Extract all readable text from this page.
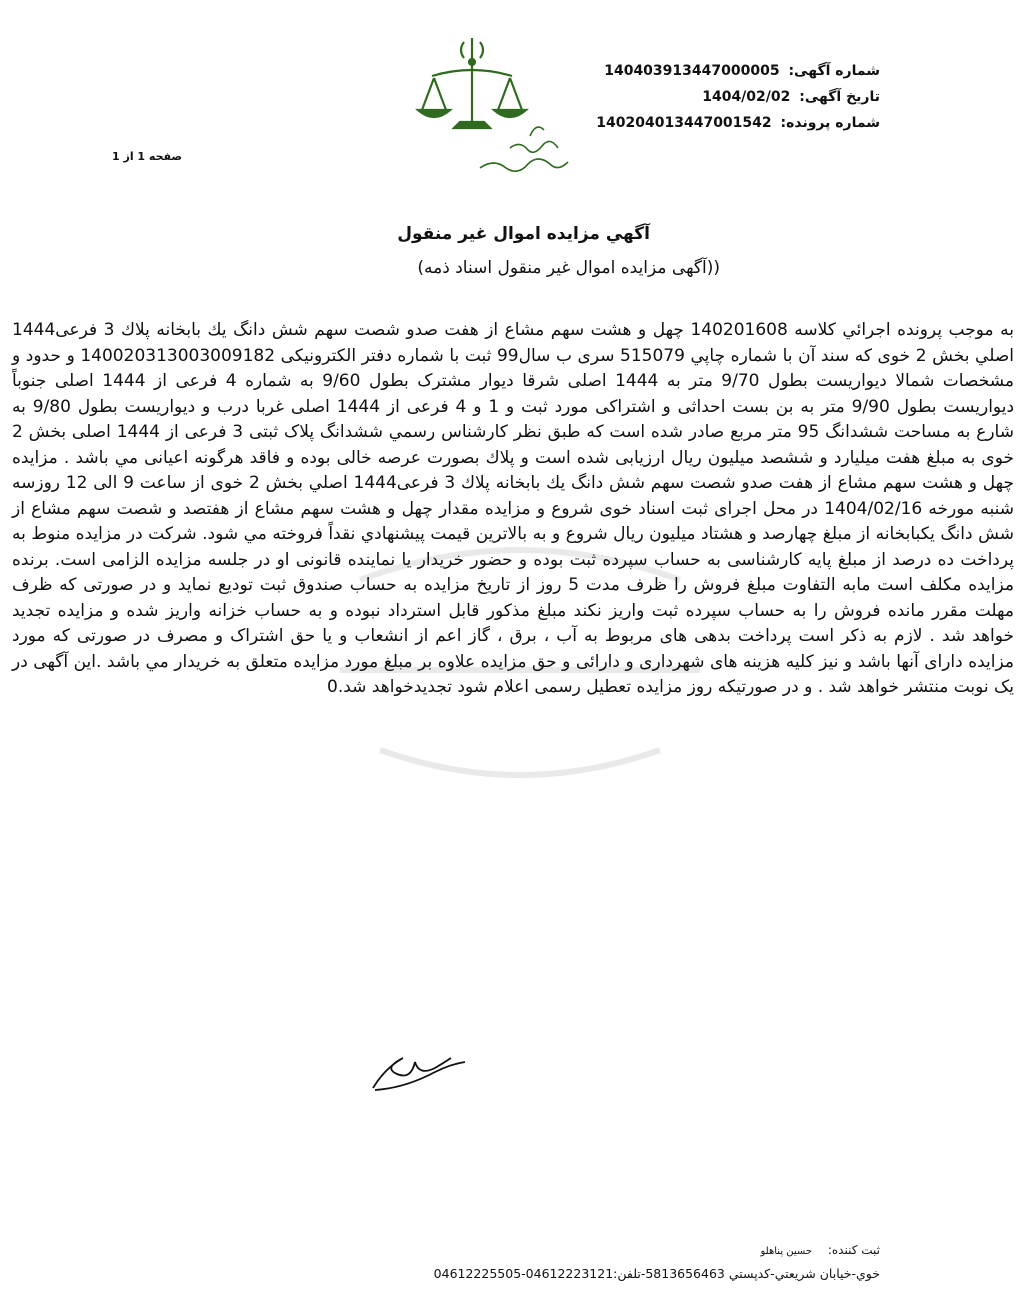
شماره آگهی: 140403913447000005
تاریخ آگهی: 1404/02/02
شماره پرونده: 140204013447001542
صفحه 1 از 1
آگهي مزايده اموال غير منقول
((آگهی مزایده اموال غیر منقول اسناد ذمه)
به موجب پرونده اجرائي كلاسه 140201608 چهل و هشت سهم مشاع از هفت صدو شصت سهم شش دانگ يك بابخانه پلاك 3 فرعی1444 اصلي بخش 2 خوی كه سند آن با شماره چاپي 515079 سری ب سال99 ثبت با شماره دفتر الكترونيكی 140020313003009182 و حدود و مشخصات شمالا ديواريست بطول 9/70 متر به 1444 اصلی شرقا ديوار مشترک بطول 9/60 به شماره 4 فرعی از 1444 اصلی جنوباً ديواريست بطول 9/90 متر به بن بست احداثی و اشتراكی مورد ثبت و 1 و 4 فرعی از 1444 اصلی غربا درب و ديواريست بطول 9/80 به شارع به مساحت ششدانگ 95 متر مربع صادر شده است كه طبق نظر كارشناس رسمي ششدانگ پلاک ثبتی 3 فرعی از 1444 اصلی بخش 2 خوی به مبلغ هفت ميليارد و ششصد ميليون ريال ارزيابی شده است و پلاك بصورت عرصه خالی بوده و فاقد هرگونه اعيانی مي باشد . مزايده چهل و هشت سهم مشاع از هفت صدو شصت سهم شش دانگ يك بابخانه پلاك 3 فرعی1444 اصلي بخش 2 خوی از ساعت 9 الی 12 روزسه شنبه مورخه 1404/02/16 در محل اجرای ثبت اسناد خوی شروع و مزايده مقدار چهل و هشت سهم مشاع از هفتصد و شصت سهم مشاع از شش دانگ يكبابخانه از مبلغ چهارصد و هشتاد ميليون ريال شروع و به بالاترين قيمت پيشنهادي نقداً فروخته مي شود. شركت در مزايده منوط به پرداخت ده درصد از مبلغ پايه كارشناسی به حساب سپرده ثبت بوده و حضور خريدار يا نماينده قانونی او در جلسه مزايده الزامی است. برنده مزايده مكلف است مابه التفاوت مبلغ فروش را ظرف مدت 5 روز از تاريخ مزايده به حساب صندوق ثبت توديع نمايد و در صورتی كه ظرف مهلت مقرر مانده فروش را به حساب سپرده ثبت واريز نكند مبلغ مذكور قابل استرداد نبوده و به حساب خزانه واريز شده و مزايده تجديد خواهد شد . لازم به ذكر است پرداخت بدهی های مربوط به آب ، برق ، گاز اعم از انشعاب و يا حق اشتراک و مصرف در صورتی كه مورد مزايده دارای آنها باشد و نيز كليه هزينه های شهرداری و دارائی و حق مزايده علاوه بر مبلغ مورد مزايده متعلق به خريدار مي باشد .اين آگهی در يک نوبت منتشر خواهد شد . و در صورتيكه روز مزايده تعطيل رسمی اعلام شود تجديدخواهد شد.0
ثبت كننده: حسين پناهلو
خوي-خيابان شريعتي-كدپستي 5813656463-تلفن:04612223121-04612225505
